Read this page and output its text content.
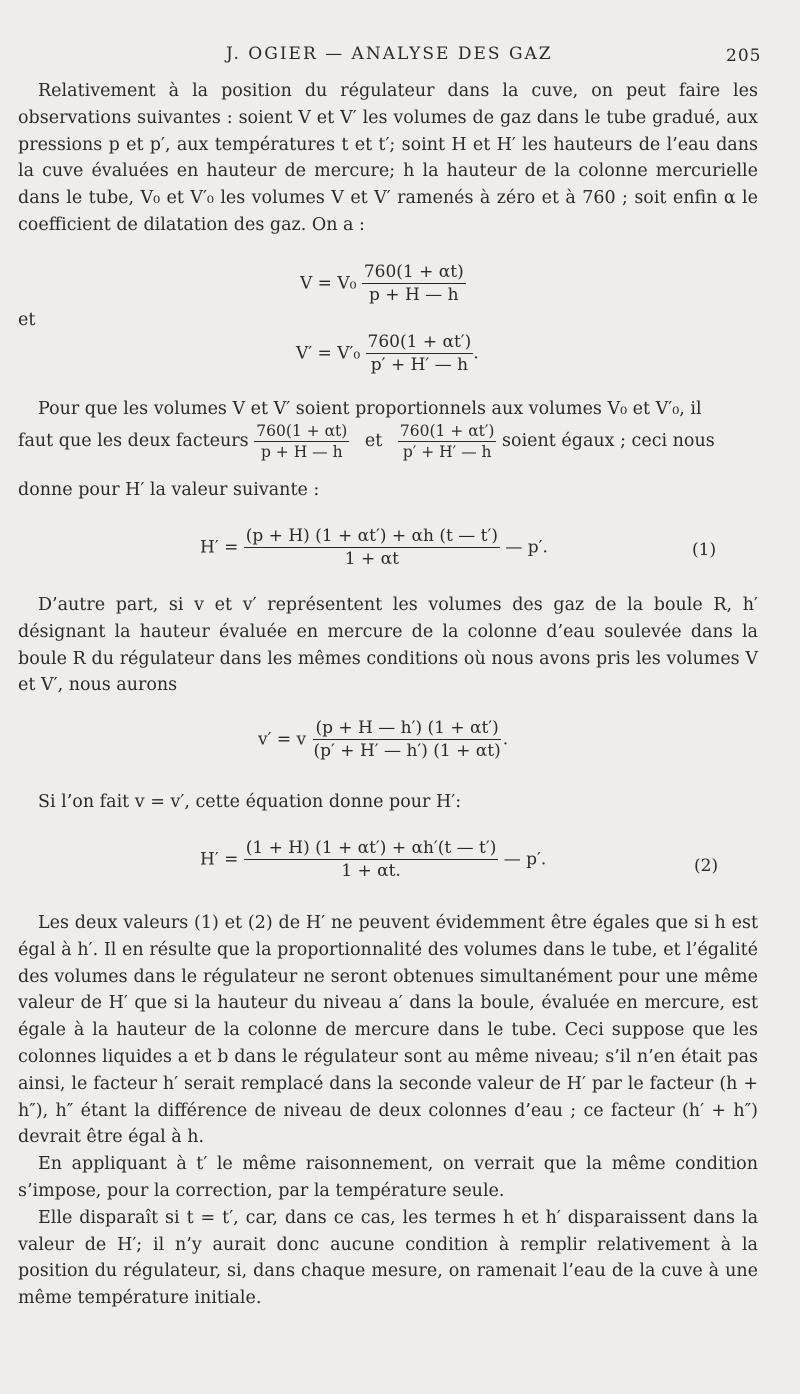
J. OGIER — ANALYSE DES GAZ	205

Relativement à la position du régulateur dans la cuve, on peut faire les observations suivantes : soient V et V′ les volumes de gaz dans le tube gradué, aux pressions p et p′, aux températures t et t′; soint H et H′ les hauteurs de l’eau dans la cuve évaluées en hauteur de mercure; h la hauteur de la colonne mercurielle dans le tube, V₀ et V′₀ les volumes V et V′ ramenés à zéro et à 760 ; soit enfin α le coefficient de dilatation des gaz. On a :

$V = V_0 \frac{760(1 + \alpha t)}{p + H — h}$
et
$V' = V'_0 \frac{760(1 + \alpha t')}{p' + H' — h}$ .
Pour que les volumes V et V′ soient proportionnels aux volumes V₀ et V′₀, il
faut que les deux facteurs $\frac{760(1 + \alpha t)}{p + H — h}$ et $\frac{760(1 + \alpha t')}{p' + H' — h}$ soient égaux ; ceci nous
donne pour H′ la valeur suivante :
$H' = \frac{(p + H) (1 + \alpha t') + \alpha h (t — t')}{1 + \alpha t}$ — p′.	(1)

D’autre part, si v et v′ représentent les volumes des gaz de la boule R, h′ désignant la hauteur évaluée en mercure de la colonne d’eau soulevée dans la boule R du régulateur dans les mêmes conditions où nous avons pris les volumes V et V′, nous aurons

v′ = v $\frac{(p + H — h') (1 + \alpha t')}{(p' + H' — h') (1 + \alpha t)}$ .
Si l’on fait v = v′, cette équation donne pour H′:
$H' = \frac{(1 + H) (1 + \alpha t') + \alpha h'(t — t')}{1 + \alpha t.}$ — p′.	(2)

Les deux valeurs (1) et (2) de H′ ne peuvent évidemment être égales que si h est égal à h′. Il en résulte que la proportionnalité des volumes dans le tube, et l’égalité des volumes dans le régulateur ne seront obtenues simultanément pour une même valeur de H′ que si la hauteur du niveau a′ dans la boule, évaluée en mercure, est égale à la hauteur de la colonne de mercure dans le tube. Ceci suppose que les colonnes liquides a et b dans le régulateur sont au même niveau; s’il n’en était pas ainsi, le facteur h′ serait remplacé dans la seconde valeur de H′ par le facteur (h + h″), h″ étant la différence de niveau de deux colonnes d’eau ; ce facteur (h′ + h″) devrait être égal à h.

En appliquant à t′ le même raisonnement, on verrait que la même condition s’impose, pour la correction, par la température seule.

Elle disparaît si t = t′, car, dans ce cas, les termes h et h′ disparaissent dans la valeur de H′; il n’y aurait donc aucune condition à remplir relativement à la position du régulateur, si, dans chaque mesure, on ramenait l’eau de la cuve à une même température initiale.
